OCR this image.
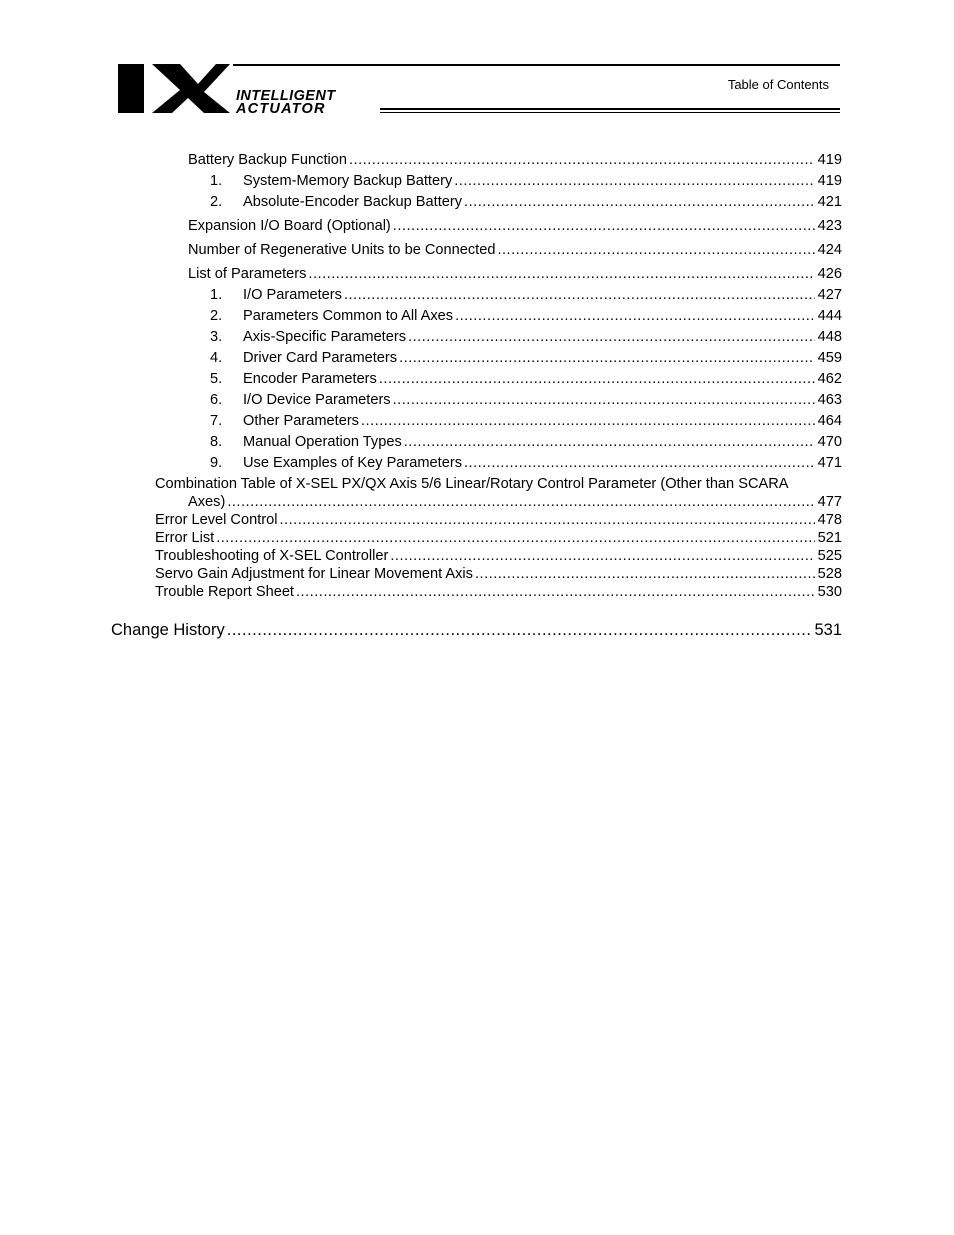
INTELLIGENT
ACTUATOR
Table of Contents
Battery Backup Function .....	419
1.	System-Memory Backup Battery .....	419
2.	Absolute-Encoder Backup Battery .....	421
Expansion I/O Board (Optional) .....	423
Number of Regenerative Units to be Connected .....	424
List of Parameters .....	426
1.	I/O Parameters .....	427
2.	Parameters Common to All Axes .....	444
3.	Axis-Specific Parameters .....	448
4.	Driver Card Parameters .....	459
5.	Encoder Parameters .....	462
6.	I/O Device Parameters .....	463
7.	Other Parameters .....	464
8.	Manual Operation Types .....	470
9.	Use Examples of Key Parameters .....	471
Combination Table of X-SEL PX/QX Axis 5/6 Linear/Rotary Control Parameter (Other than SCARA
Axes) .....	477
Error Level Control .....	478
Error List .....	521
Troubleshooting of X-SEL Controller .....	525
Servo Gain Adjustment for Linear Movement Axis .....	528
Trouble Report Sheet .....	530
Change History .....	531
